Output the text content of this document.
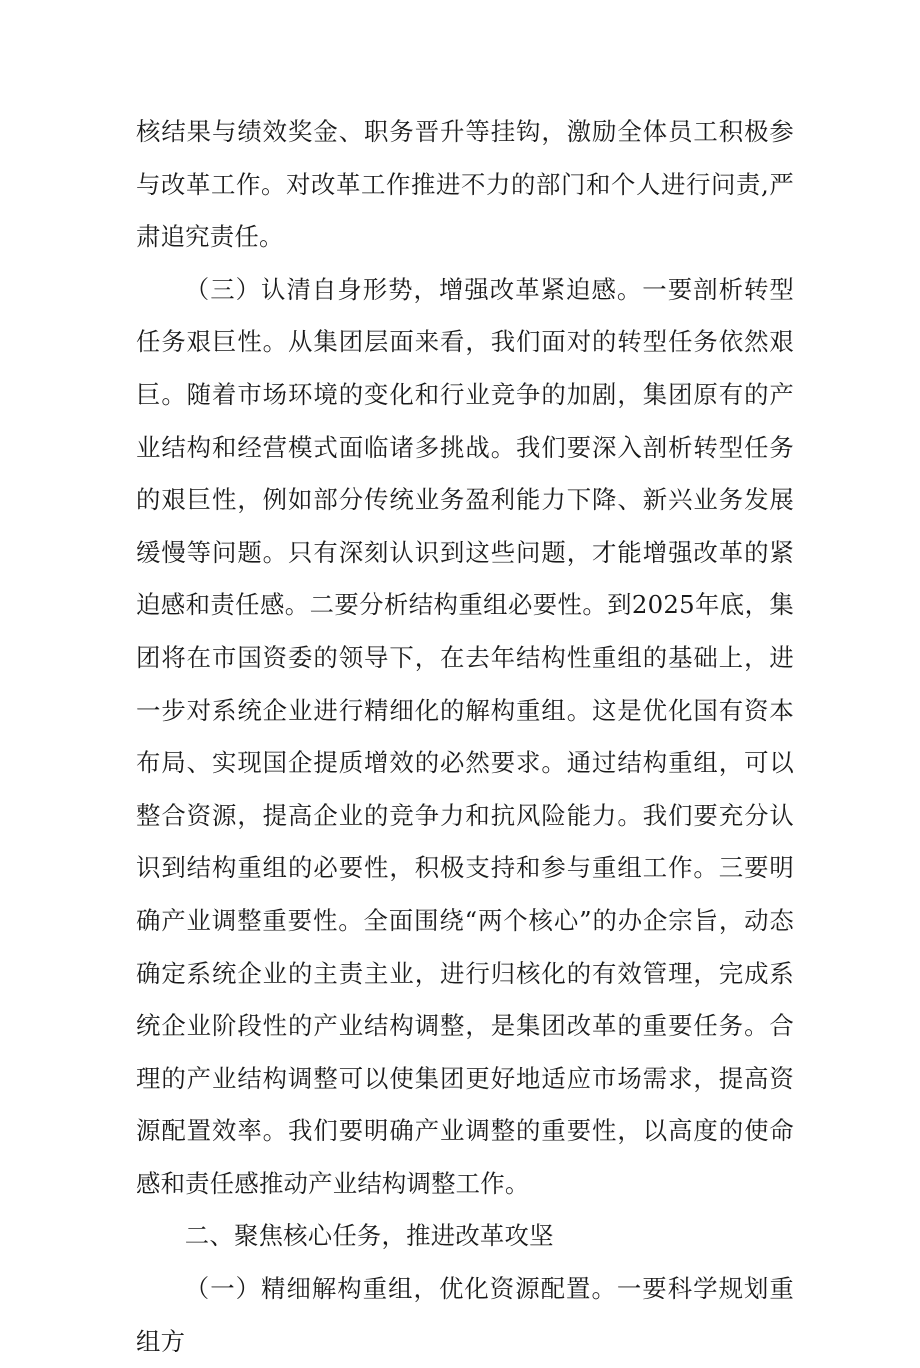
核结果与绩效奖金、职务晋升等挂钩，激励全体员工积极参与改革工作。对改革工作推进不力的部门和个人进行问责,严肃追究责任。

（三）认清自身形势，增强改革紧迫感。一要剖析转型任务艰巨性。从集团层面来看，我们面对的转型任务依然艰巨。随着市场环境的变化和行业竞争的加剧，集团原有的产业结构和经营模式面临诸多挑战。我们要深入剖析转型任务的艰巨性，例如部分传统业务盈利能力下降、新兴业务发展缓慢等问题。只有深刻认识到这些问题，才能增强改革的紧迫感和责任感。二要分析结构重组必要性。到2025年底，集团将在市国资委的领导下，在去年结构性重组的基础上，进一步对系统企业进行精细化的解构重组。这是优化国有资本布局、实现国企提质增效的必然要求。通过结构重组，可以整合资源，提高企业的竞争力和抗风险能力。我们要充分认识到结构重组的必要性，积极支持和参与重组工作。三要明确产业调整重要性。全面围绕“两个核心”的办企宗旨，动态确定系统企业的主责主业，进行归核化的有效管理，完成系统企业阶段性的产业结构调整，是集团改革的重要任务。合理的产业结构调整可以使集团更好地适应市场需求，提高资源配置效率。我们要明确产业调整的重要性，以高度的使命感和责任感推动产业结构调整工作。

二、聚焦核心任务，推进改革攻坚

（一）精细解构重组，优化资源配置。一要科学规划重组方
